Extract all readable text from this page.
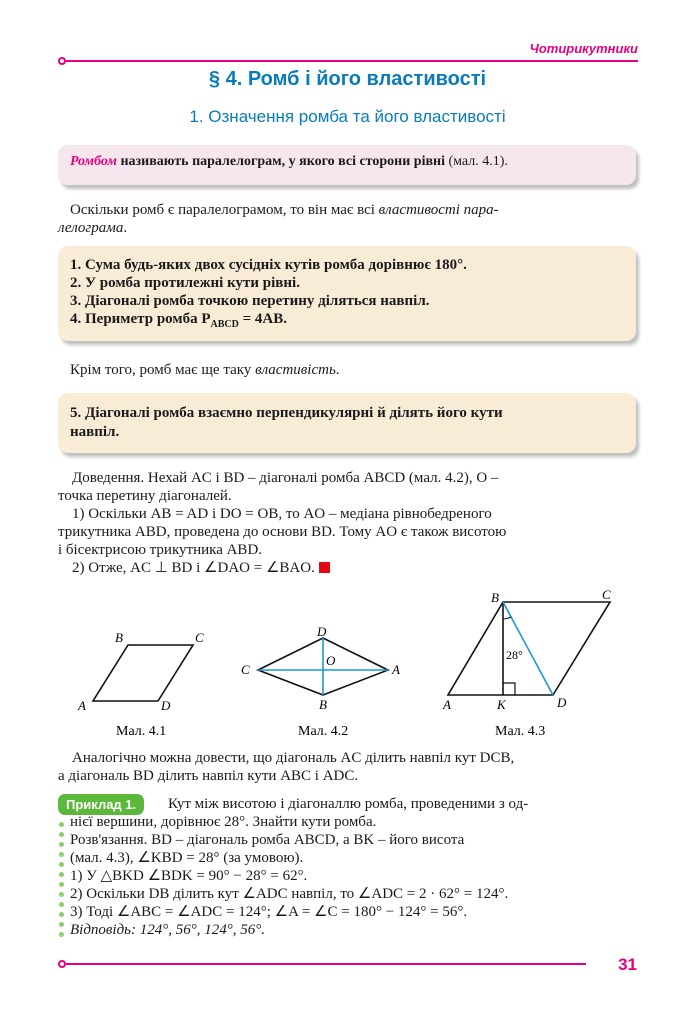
Чотирикутники
§ 4. Ромб і його властивості
1. Означення ромба та його властивості
Ромбом називають паралелограм, у якого всі сторони рівні (мал. 4.1).
Оскільки ромб є паралелограмом, то він має всі властивості пара-
лелограма.
1. Сума будь-яких двох сусідніх кутів ромба дорівнює 180°.
2. У ромба протилежні кути рівні.
3. Діагоналі ромба точкою перетину діляться навпіл.
4. Периметр ромба $P_{ABCD} = 4AB$.
Крім того, ромб має ще таку властивість.
5. Діагоналі ромба взаємно перпендикулярні й ділять його кути
навпіл.
Доведення. Нехай AC і BD – діагоналі ромба ABCD (мал. 4.2), O –
точка перетину діагоналей.
1) Оскільки AB = AD і DO = OB, то AO – медіана рівнобедреного
трикутника ABD, проведена до основи BD. Тому AO є також висотою
і бісектрисою трикутника ABD.
2) Отже, AC ⊥ BD і ∠DAO = ∠BAO.
A
B	C
D
A
B
C
D
O
A
B	C
D
K
28°
Мал. 4.1	Мал. 4.2	Мал. 4.3
Аналогічно можна довести, що діагональ AC ділить навпіл кут DCB,
а діагональ BD ділить навпіл кути ABC і ADC.
Приклад 1.	Кут між висотою і діагоналлю ромба, проведеними з од-
нієї вершини, дорівнює 28°. Знайти кути ромба.
Розв'язання. BD – діагональ ромба ABCD, а BK – його висота
(мал. 4.3), ∠KBD = 28° (за умовою).
1) У △BKD ∠BDK = 90° − 28° = 62°.
2) Оскільки DB ділить кут ∠ADC навпіл, то ∠ADC = 2 · 62° = 124°.
3) Тоді ∠ABC = ∠ADC = 124°; ∠A = ∠C = 180° − 124° = 56°.
Відповідь: 124°, 56°, 124°, 56°.
31
